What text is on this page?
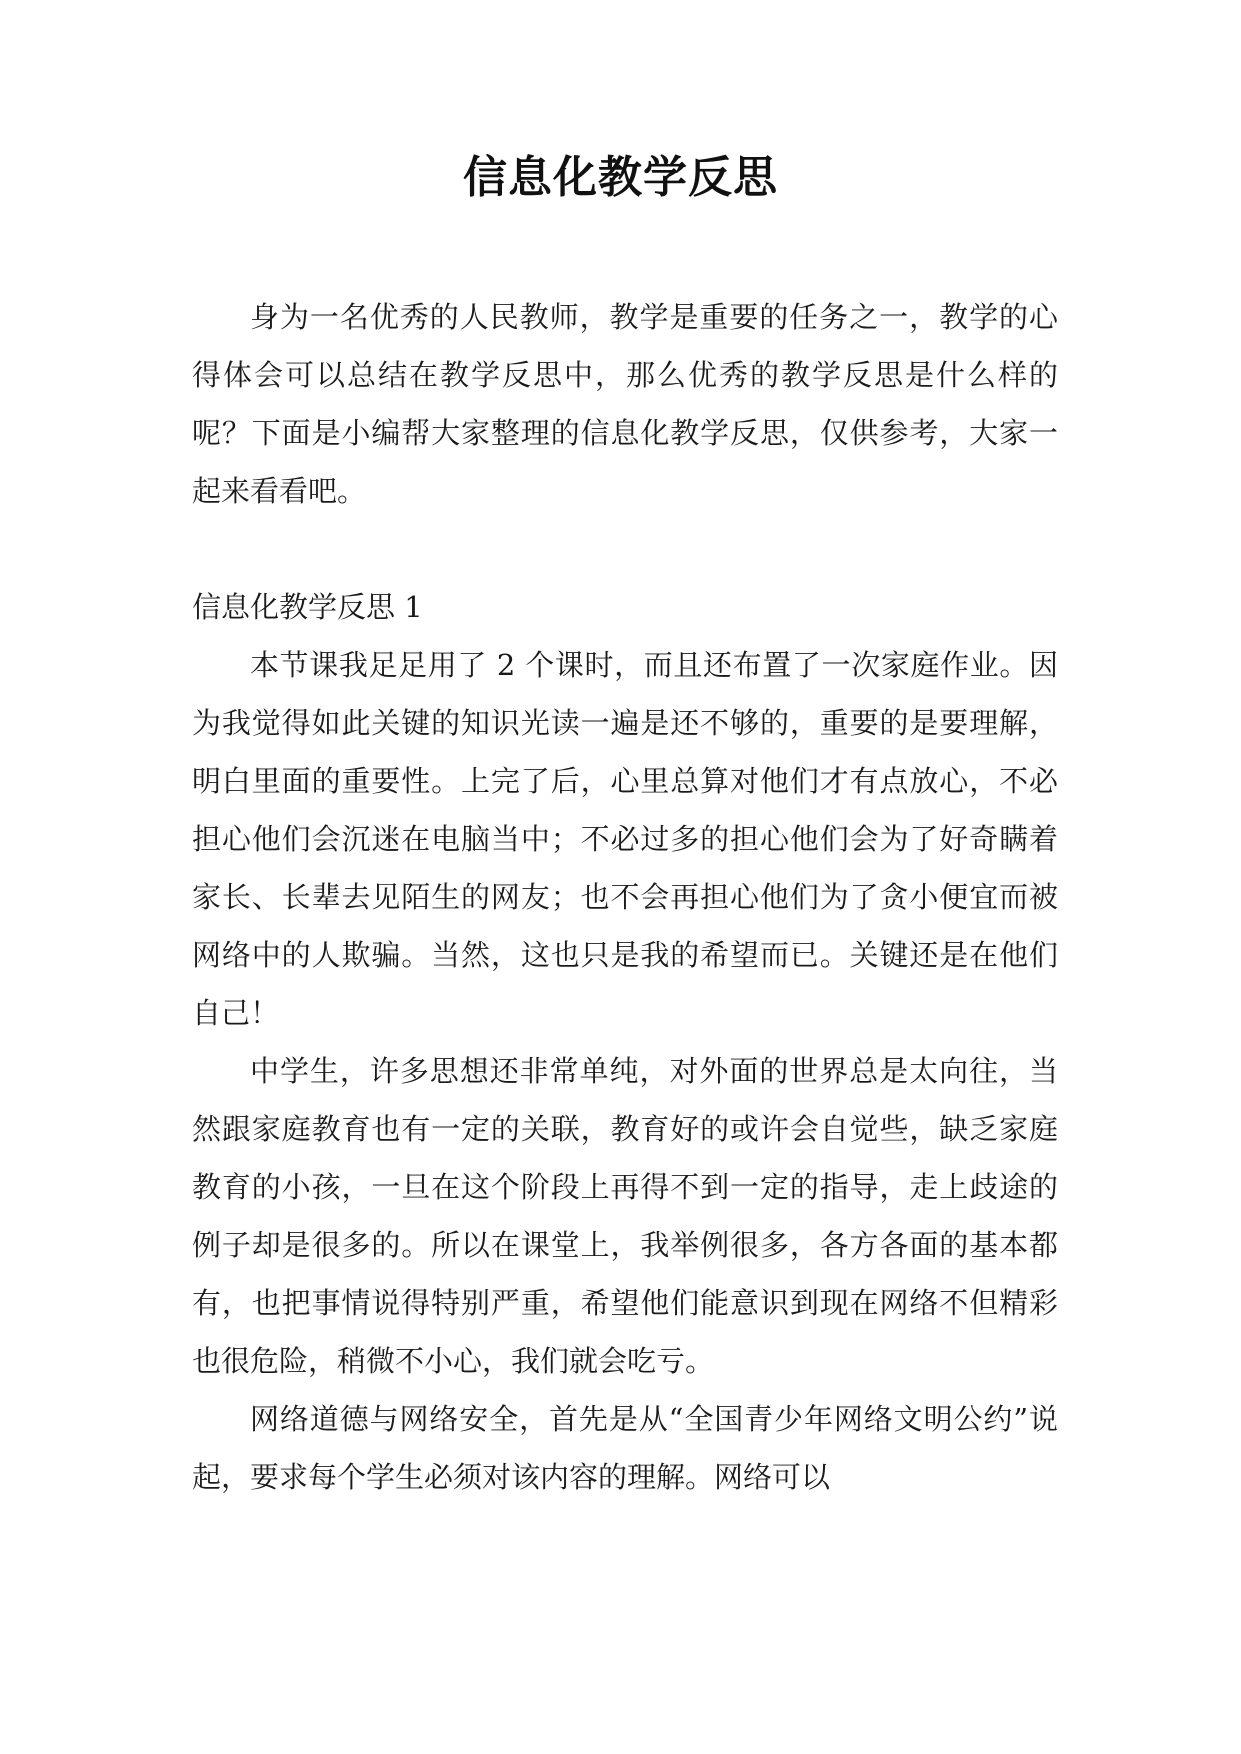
信息化教学反思

身为一名优秀的人民教师，教学是重要的任务之一，教学的心得体会可以总结在教学反思中，那么优秀的教学反思是什么样的呢？下面是小编帮大家整理的信息化教学反思，仅供参考，大家一起来看看吧。

信息化教学反思 1

本节课我足足用了 2 个课时，而且还布置了一次家庭作业。因为我觉得如此关键的知识光读一遍是还不够的，重要的是要理解，明白里面的重要性。上完了后，心里总算对他们才有点放心，不必担心他们会沉迷在电脑当中；不必过多的担心他们会为了好奇瞒着家长、长辈去见陌生的网友；也不会再担心他们为了贪小便宜而被网络中的人欺骗。当然，这也只是我的希望而已。关键还是在他们自己！

中学生，许多思想还非常单纯，对外面的世界总是太向往，当然跟家庭教育也有一定的关联，教育好的或许会自觉些，缺乏家庭教育的小孩，一旦在这个阶段上再得不到一定的指导，走上歧途的例子却是很多的。所以在课堂上，我举例很多，各方各面的基本都有，也把事情说得特别严重，希望他们能意识到现在网络不但精彩也很危险，稍微不小心，我们就会吃亏。

网络道德与网络安全，首先是从“全国青少年网络文明公约”说起，要求每个学生必须对该内容的理解。网络可以
